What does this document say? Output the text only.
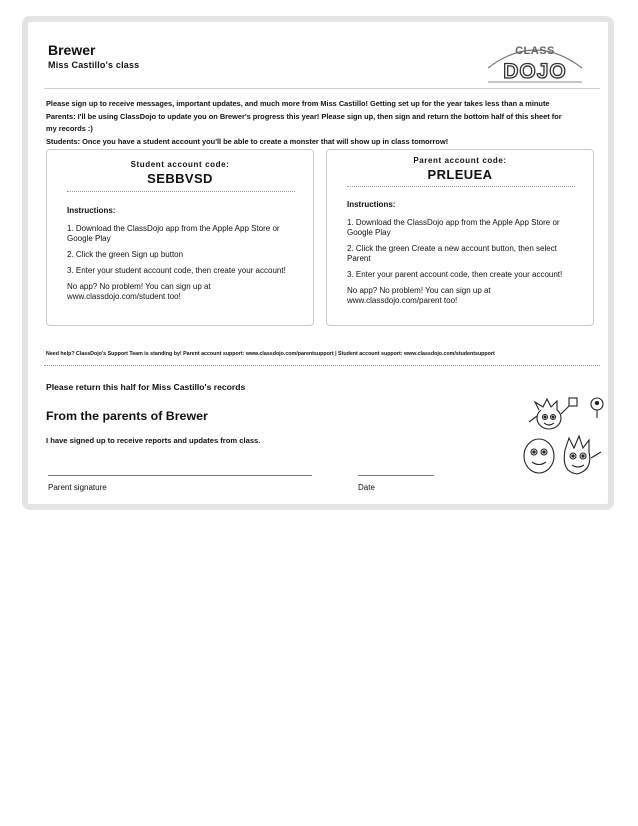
Brewer
Miss Castillo's class
CLASS
DOJO
Please sign up to receive messages, important updates, and much more from Miss Castillo! Getting set up for the year takes less than a minute
Parents: I'll be using ClassDojo to update you on Brewer's progress this year! Please sign up, then sign and return the bottom half of this sheet for
my records :)
Students: Once you have a student account you'll be able to create a monster that will show up in class tomorrow!
Student account code:
SEBBVSD
Instructions:

1. Download the ClassDojo app from the Apple App Store or Google Play

2. Click the green Sign up button

3. Enter your student account code, then create your account!

No app? No problem! You can sign up at www.classdojo.com/student too!

Parent account code:
PRLEUEA
Instructions:

1. Download the ClassDojo app from the Apple App Store or Google Play

2. Click the green Create a new account button, then select Parent

3. Enter your parent account code, then create your account!

No app? No problem! You can sign up at www.classdojo.com/parent too!

Need help? ClassDojo's Support Team is standing by! Parent account support: www.classdojo.com/parentsupport | Student account support: www.classdojo.com/studentsupport
Please return this half for Miss Castillo's records
From the parents of Brewer
I have signed up to receive reports and updates from class.
Parent signature	Date
